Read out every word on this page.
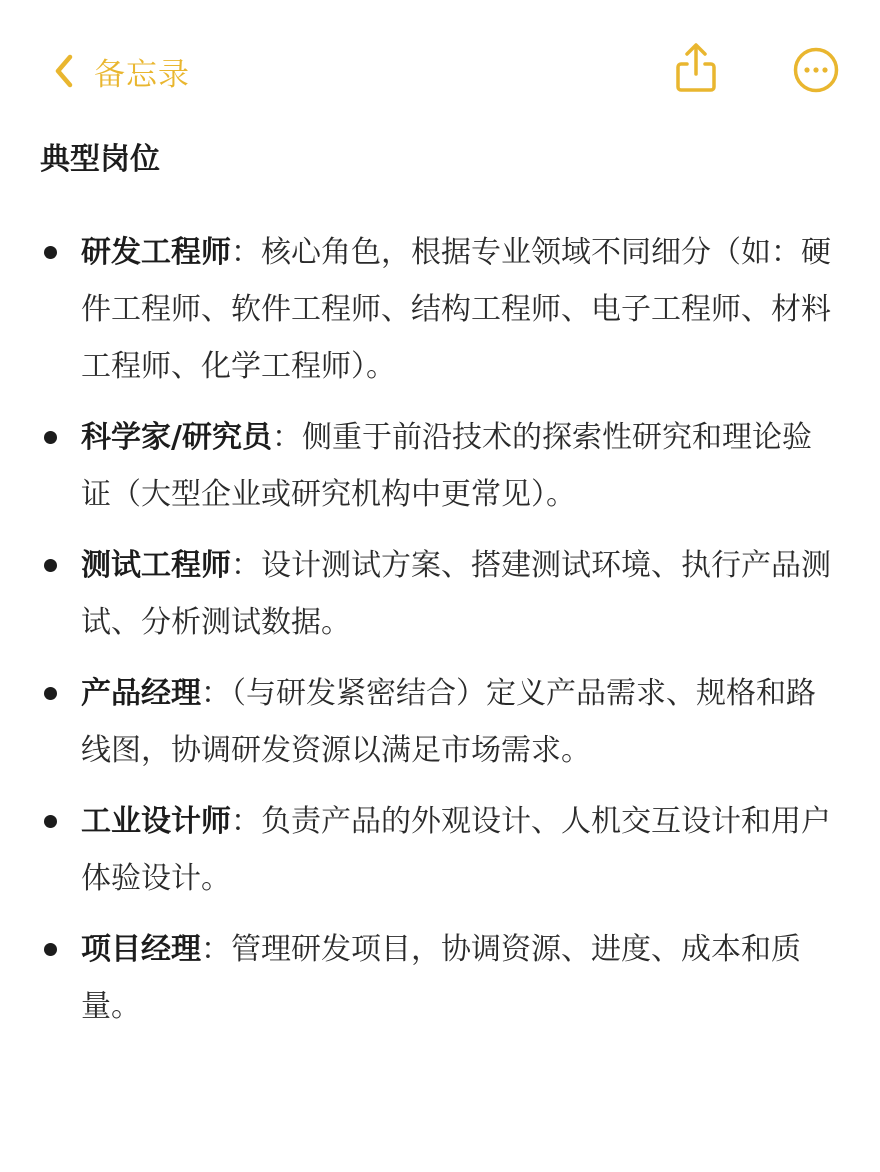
备忘录
典型岗位
研发工程师：核心角色，根据专业领域不同细分（如：硬件工程师、软件工程师、结构工程师、电子工程师、材料工程师、化学工程师）。
科学家/研究员：侧重于前沿技术的探索性研究和理论验证（大型企业或研究机构中更常见）。
测试工程师：设计测试方案、搭建测试环境、执行产品测试、分析测试数据。
产品经理：（与研发紧密结合）定义产品需求、规格和路线图，协调研发资源以满足市场需求。
工业设计师：负责产品的外观设计、人机交互设计和用户体验设计。
项目经理：管理研发项目，协调资源、进度、成本和质量。
